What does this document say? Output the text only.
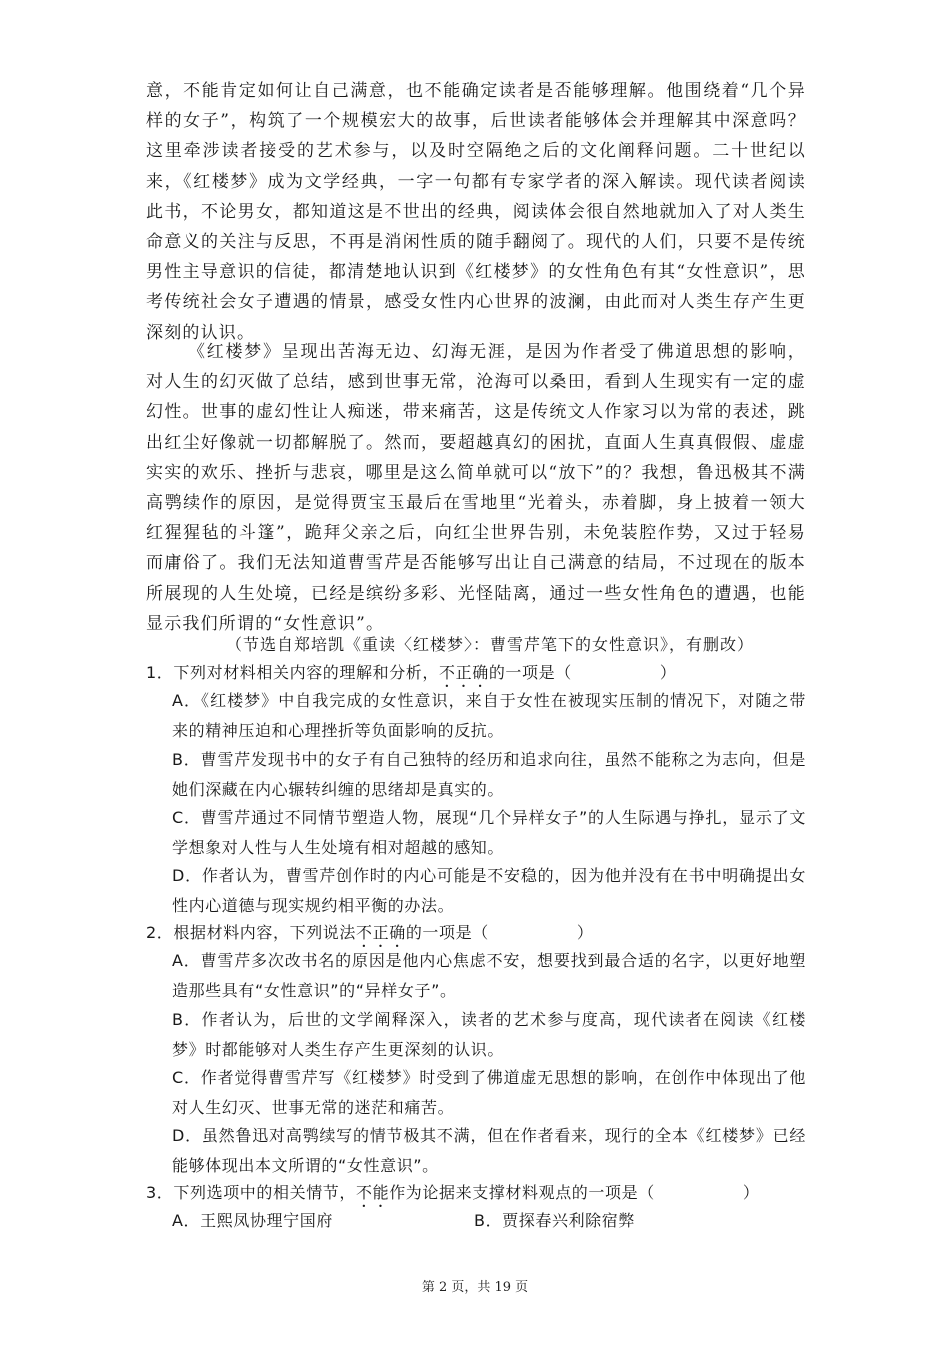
意，不能肯定如何让自己满意，也不能确定读者是否能够理解。他围绕着“几个异样的女子”，构筑了一个规模宏大的故事，后世读者能够体会并理解其中深意吗？这里牵涉读者接受的艺术参与，以及时空隔绝之后的文化阐释问题。二十世纪以来，《红楼梦》成为文学经典，一字一句都有专家学者的深入解读。现代读者阅读此书，不论男女，都知道这是不世出的经典，阅读体会很自然地就加入了对人类生命意义的关注与反思，不再是消闲性质的随手翻阅了。现代的人们，只要不是传统男性主导意识的信徒，都清楚地认识到《红楼梦》的女性角色有其“女性意识”，思考传统社会女子遭遇的情景，感受女性内心世界的波澜，由此而对人类生存产生更深刻的认识。

《红楼梦》呈现出苦海无边、幻海无涯，是因为作者受了佛道思想的影响，对人生的幻灭做了总结，感到世事无常，沧海可以桑田，看到人生现实有一定的虚幻性。世事的虚幻性让人痴迷，带来痛苦，这是传统文人作家习以为常的表述，跳出红尘好像就一切都解脱了。然而，要超越真幻的困扰，直面人生真真假假、虚虚实实的欢乐、挫折与悲哀，哪里是这么简单就可以“放下”的？我想，鲁迅极其不满高鹗续作的原因，是觉得贾宝玉最后在雪地里“光着头，赤着脚，身上披着一领大红猩猩毡的斗篷”，跪拜父亲之后，向红尘世界告别，未免装腔作势，又过于轻易而庸俗了。我们无法知道曹雪芹是否能够写出让自己满意的结局，不过现在的版本所展现的人生处境，已经是缤纷多彩、光怪陆离，通过一些女性角色的遭遇，也能显示我们所谓的“女性意识”。

（节选自郑培凯《重读〈红楼梦〉：曹雪芹笔下的女性意识》，有删改）

1．下列对材料相关内容的理解和分析，不正确的一项是（	）

A．《红楼梦》中自我完成的女性意识，来自于女性在被现实压制的情况下，对随之带来的精神压迫和心理挫折等负面影响的反抗。

B．曹雪芹发现书中的女子有自己独特的经历和追求向往，虽然不能称之为志向，但是她们深藏在内心辗转纠缠的思绪却是真实的。

C．曹雪芹通过不同情节塑造人物，展现“几个异样女子”的人生际遇与挣扎，显示了文学想象对人性与人生处境有相对超越的感知。

D．作者认为，曹雪芹创作时的内心可能是不安稳的，因为他并没有在书中明确提出女性内心道德与现实规约相平衡的办法。

2．根据材料内容，下列说法不正确的一项是（	）

A．曹雪芹多次改书名的原因是他内心焦虑不安，想要找到最合适的名字，以更好地塑造那些具有“女性意识”的“异样女子”。

B．作者认为，后世的文学阐释深入，读者的艺术参与度高，现代读者在阅读《红楼梦》时都能够对人类生存产生更深刻的认识。

C．作者觉得曹雪芹写《红楼梦》时受到了佛道虚无思想的影响，在创作中体现出了他对人生幻灭、世事无常的迷茫和痛苦。

D．虽然鲁迅对高鹗续写的情节极其不满，但在作者看来，现行的全本《红楼梦》已经能够体现出本文所谓的“女性意识”。

3．下列选项中的相关情节，不能作为论据来支撑材料观点的一项是（	）
A．王熙凤协理宁国府	B．贾探春兴利除宿弊
第 2 页，共 19 页
